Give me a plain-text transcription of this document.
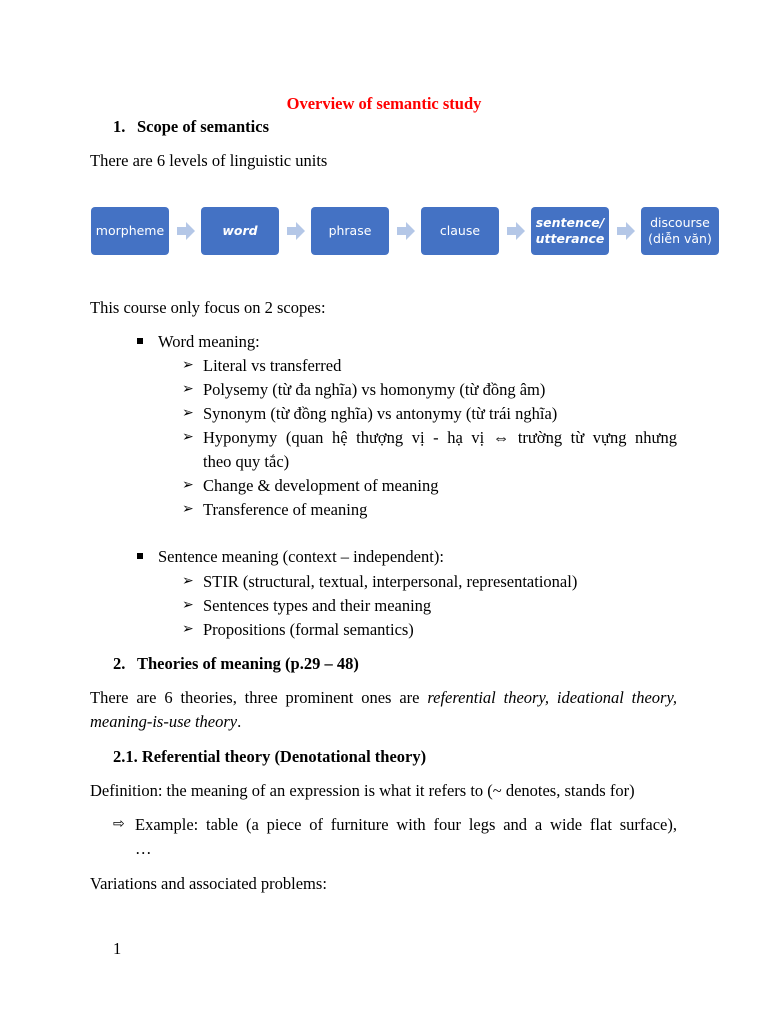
Overview of semantic study
1. Scope of semantics
There are 6 levels of linguistic units
morpheme	word	phrase	clause
sentence/
utterance
discourse
(diễn văn)
This course only focus on 2 scopes:
Word meaning:
➢ Literal vs transferred
➢ Polysemy (từ đa nghĩa) vs homonymy (từ đồng âm)
➢ Synonym (từ đồng nghĩa) vs antonymy (từ trái nghĩa)
➢ Hyponymy (quan hệ thượng vị - hạ vị ⇔ trường từ vựng nhưng
theo quy tắc)
➢ Change & development of meaning
➢ Transference of meaning
Sentence meaning (context – independent):
➢ STIR (structural, textual, interpersonal, representational)
➢ Sentences types and their meaning
➢ Propositions (formal semantics)
2. Theories of meaning (p.29 – 48)
There are 6 theories, three prominent ones are referential theory, ideational theory,
meaning-is-use theory.
2.1. Referential theory (Denotational theory)
Definition: the meaning of an expression is what it refers to (~ denotes, stands for)
⇨ Example: table (a piece of furniture with four legs and a wide flat surface),
…
Variations and associated problems:
1
